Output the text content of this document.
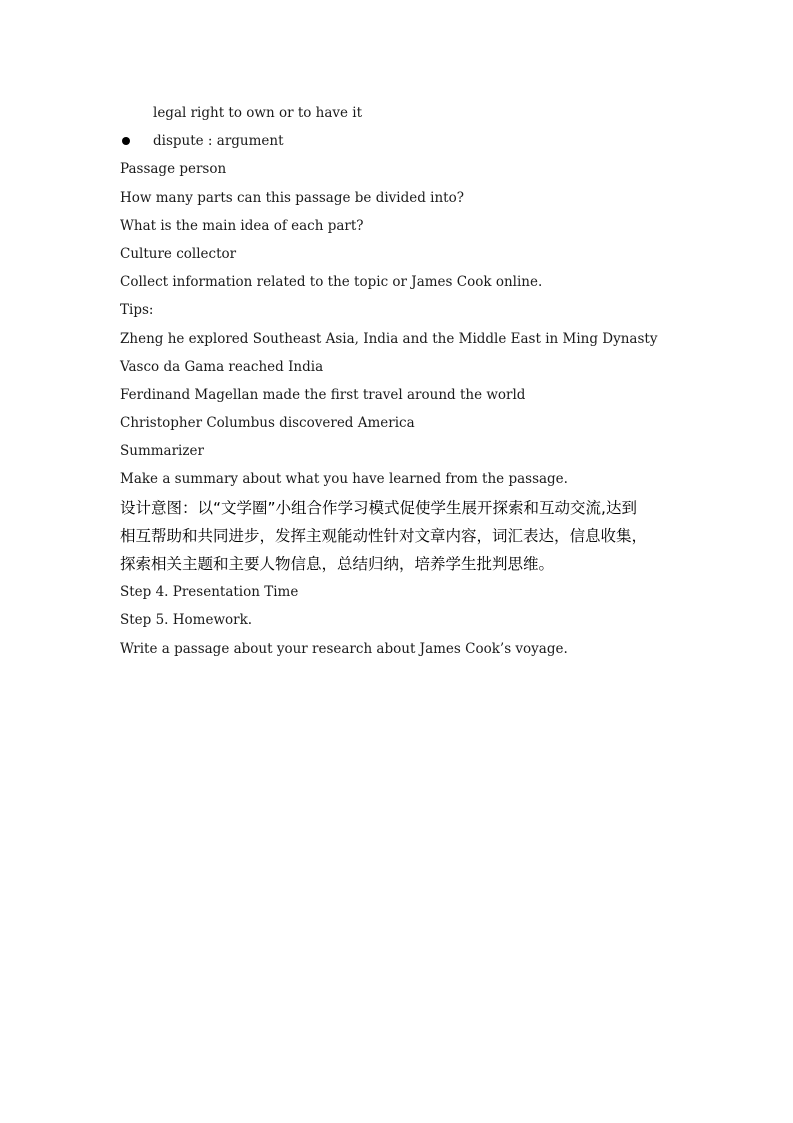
legal right to own or to have it
dispute : argument
Passage person
How many parts can this passage be divided into?
What is the main idea of each part?
Culture collector
Collect information related to the topic or James Cook online.
Tips:
Zheng he explored Southeast Asia, India and the Middle East in Ming Dynasty
Vasco da Gama reached India
Ferdinand Magellan made the first travel around the world
Christopher Columbus discovered America
Summarizer
Make a summary about what you have learned from the passage.
设计意图：以“文学圈”小组合作学习模式促使学生展开探索和互动交流,达到
相互帮助和共同进步，发挥主观能动性针对文章内容，词汇表达，信息收集，
探索相关主题和主要人物信息，总结归纳，培养学生批判思维。
Step 4. Presentation Time
Step 5. Homework.
Write a passage about your research about James Cook’s voyage.
